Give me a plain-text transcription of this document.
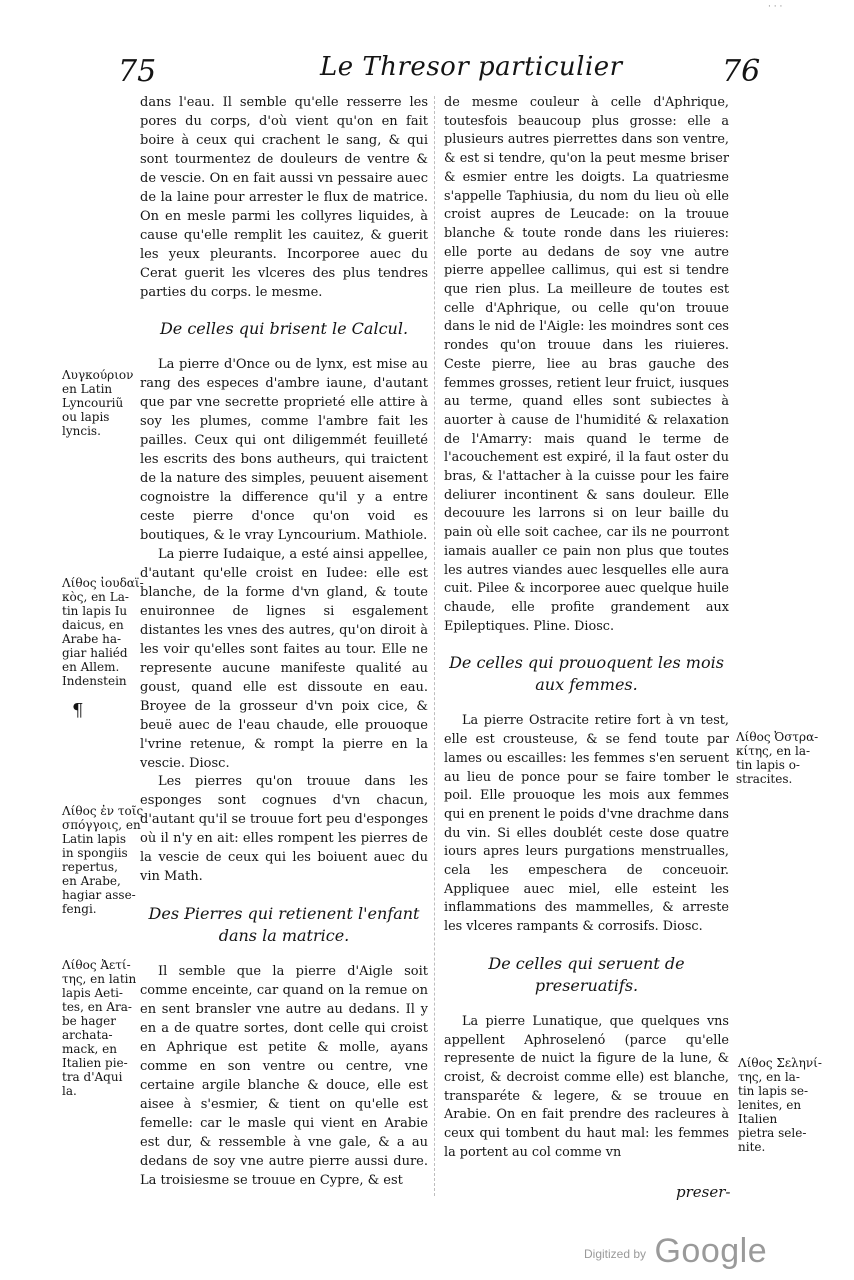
· · ·
75	Le Thresor particulier	76

dans l'eau. Il semble qu'elle resserre les pores du corps, d'où vient qu'on en fait boire à ceux qui crachent le sang, & qui sont tourmentez de douleurs de ventre & de vescie. On en fait aussi vn pessaire auec de la laine pour arrester le flux de matrice. On en mesle parmi les collyres liquides, à cause qu'elle remplit les cauitez, & guerit les yeux pleurants. Incorporee auec du Cerat guerit les vlceres des plus tendres parties du corps. le mesme.

De celles qui brisent le Calcul.

La pierre d'Once ou de lynx, est mise au rang des especes d'ambre iaune, d'autant que par vne secrette proprieté elle attire à soy les plumes, comme l'ambre fait les pailles. Ceux qui ont diligemmét feuilleté les escrits des bons autheurs, qui traictent de la nature des simples, peuuent aisement cognoistre la difference qu'il y a entre ceste pierre d'once qu'on void es boutiques, & le vray Lyncourium. Mathiole.

La pierre Iudaique, a esté ainsi appellee, d'autant qu'elle croist en Iudee: elle est blanche, de la forme d'vn gland, & toute enuironnee de lignes si esgalement distantes les vnes des autres, qu'on diroit à les voir qu'elles sont faites au tour. Elle ne represente aucune manifeste qualité au goust, quand elle est dissoute en eau. Broyee de la grosseur d'vn poix cice, & beuë auec de l'eau chaude, elle prouoque l'vrine retenue, & rompt la pierre en la vescie. Diosc.

Les pierres qu'on trouue dans les esponges sont cognues d'vn chacun, d'autant qu'il se trouue fort peu d'esponges où il n'y en ait: elles rompent les pierres de la vescie de ceux qui les boiuent auec du vin Math.

Des Pierres qui retienent l'enfant dans la matrice.

Il semble que la pierre d'Aigle soit comme enceinte, car quand on la remue on en sent bransler vne autre au dedans. Il y en a de quatre sortes, dont celle qui croist en Aphrique est petite & molle, ayans comme en son ventre ou centre, vne certaine argile blanche & douce, elle est aisee à s'esmier, & tient on qu'elle est femelle: car le masle qui vient en Arabie est dur, & ressemble à vne gale, & a au dedans de soy vne autre pierre aussi dure. La troisiesme se trouue en Cypre, & est

de mesme couleur à celle d'Aphrique, toutesfois beaucoup plus grosse: elle a plusieurs autres pierrettes dans son ventre, & est si tendre, qu'on la peut mesme briser & esmier entre les doigts. La quatriesme s'appelle Taphiusia, du nom du lieu où elle croist aupres de Leucade: on la trouue blanche & toute ronde dans les riuieres: elle porte au dedans de soy vne autre pierre appellee callimus, qui est si tendre que rien plus. La meilleure de toutes est celle d'Aphrique, ou celle qu'on trouue dans le nid de l'Aigle: les moindres sont ces rondes qu'on trouue dans les riuieres. Ceste pierre, liee au bras gauche des femmes grosses, retient leur fruict, iusques au terme, quand elles sont subiectes à auorter à cause de l'humidité & relaxation de l'Amarry: mais quand le terme de l'acouchement est expiré, il la faut oster du bras, & l'attacher à la cuisse pour les faire deliurer incontinent & sans douleur. Elle decouure les larrons si on leur baille du pain où elle soit cachee, car ils ne pourront iamais aualler ce pain non plus que toutes les autres viandes auec lesquelles elle aura cuit. Pilee & incorporee auec quelque huile chaude, elle profite grandement aux Epileptiques. Pline. Diosc.

De celles qui prouoquent les mois aux femmes.

La pierre Ostracite retire fort à vn test, elle est crousteuse, & se fend toute par lames ou escailles: les femmes s'en seruent au lieu de ponce pour se faire tomber le poil. Elle prouoque les mois aux femmes qui en prenent le poids d'vne drachme dans du vin. Si elles doublét ceste dose quatre iours apres leurs purgations menstrualles, cela les empeschera de conceuoir. Appliquee auec miel, elle esteint les inflammations des mammelles, & arreste les vlceres rampants & corrosifs. Diosc.

De celles qui seruent de preseruatifs.

La pierre Lunatique, que quelques vns appellent Aphroselenó (parce qu'elle represente de nuict la figure de la lune, & croist, & decroist comme elle) est blanche, transparéte & legere, & se trouue en Arabie. On en fait prendre des racleures à ceux qui tombent du haut mal: les femmes la portent au col comme vn

Λυγκούριον
en Latin
Lyncouriũ
ou lapis
lyncis.
Λίθος ἰουδαϊ-
κὸς, en La-
tin lapis Iu
daicus, en
Arabe ha-
giar haliéd
en Allem.
Indenstein
¶
Λίθος ἐν τοῖς
σπόγγοις, en
Latin lapis
in spongiis
repertus,
en Arabe,
hagiar asse-
fengi.
Λίθος Ἀετί-
της, en latin
lapis Aeti-
tes, en Ara-
be hager
archata-
mack, en
Italien pie-
tra d'Aqui
la.
Λίθος Ὀστρα-
κίτης, en la-
tin lapis o-
stracites.
Λίθος Σεληνί-
της, en la-
tin lapis se-
lenites, en
Italien
pietra sele-
nite.
preser-
$^{Digitized by}$ Google
